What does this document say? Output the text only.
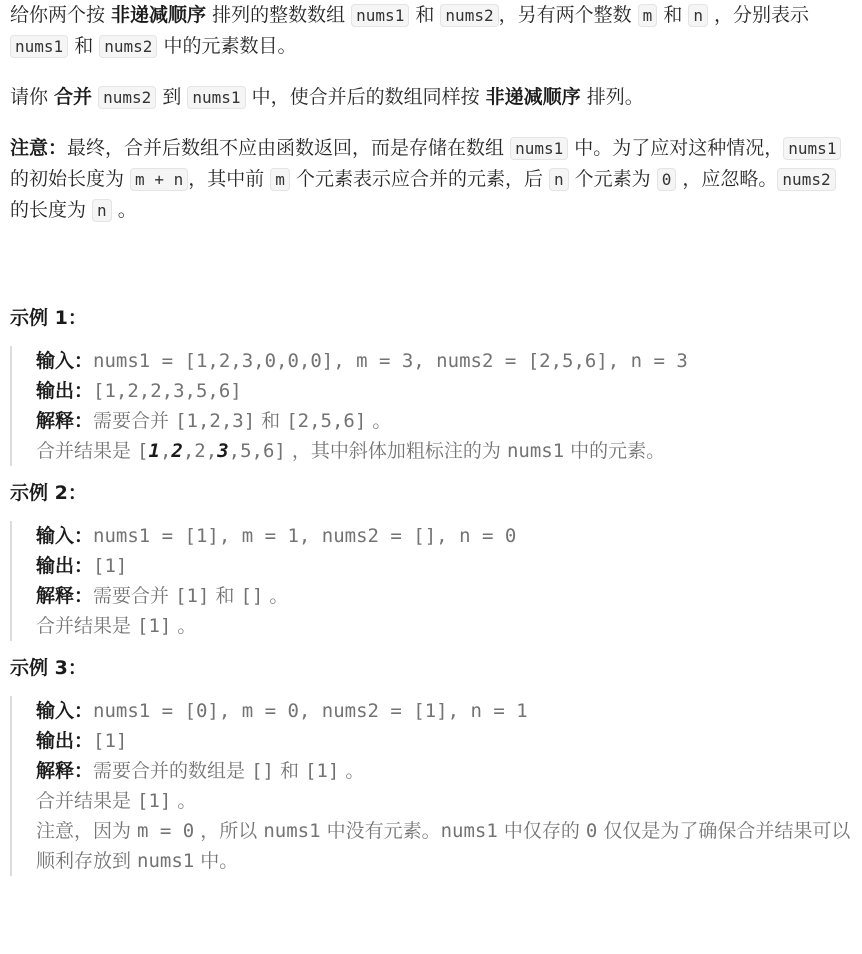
给你两个按 非递减顺序 排列的整数数组 nums1 和 nums2 ，另有两个整数 m 和 n ，分别表示 nums1 和 nums2 中的元素数目。

请你 合并 nums2 到 nums1 中，使合并后的数组同样按 非递减顺序 排列。

注意：最终，合并后数组不应由函数返回，而是存储在数组 nums1 中。为了应对这种情况， nums1 的初始长度为 m + n ，其中前 m 个元素表示应合并的元素，后 n 个元素为 0 ，应忽略。 nums2 的长度为 n 。

示例 1：

输入：nums1 = [1,2,3,0,0,0], m = 3, nums2 = [2,5,6], n = 3
输出：[1,2,2,3,5,6]
解释：需要合并 [1,2,3] 和 [2,5,6] 。
合并结果是 [1,2,2,3,5,6] ，其中斜体加粗标注的为 nums1 中的元素。

示例 2：

输入：nums1 = [1], m = 1, nums2 = [], n = 0
输出：[1]
解释：需要合并 [1] 和 [] 。
合并结果是 [1] 。

示例 3：

输入：nums1 = [0], m = 0, nums2 = [1], n = 1
输出：[1]
解释：需要合并的数组是 [] 和 [1] 。
合并结果是 [1] 。
注意，因为 m = 0 ，所以 nums1 中没有元素。nums1 中仅存的 0 仅仅是为了确保合并结果可以顺利存放到 nums1 中。
